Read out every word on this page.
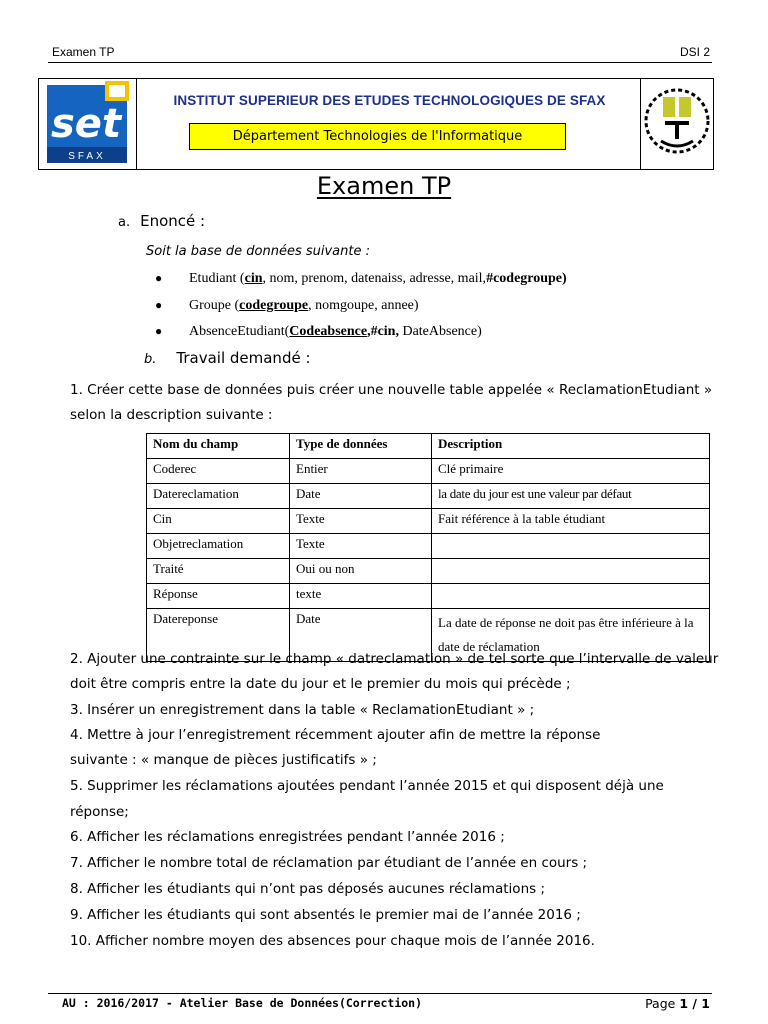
Examen TP	DSI 2
set
SFAX
INSTITUT SUPERIEUR DES ETUDES TECHNOLOGIQUES DE SFAX
Département Technologies de l'Informatique
Examen TP
a. Enoncé :
Soit la base de données suivante :
● Etudiant (cin, nom, prenom, datenaiss, adresse, mail,#codegroupe)
● Groupe (codegroupe, nomgoupe, annee)
● AbsenceEtudiant(Codeabsence,#cin, DateAbsence)
b. Travail demandé :
1. Créer cette base de données puis créer une nouvelle table appelée « ReclamationEtudiant »
selon la description suivante :
Nom du champ	Type de données	Description
Coderec	Entier	Clé primaire
Datereclamation	Date	la date du jour est une valeur par défaut
Cin	Texte	Fait référence à la table étudiant
Objetreclamation	Texte	
Traité	Oui ou non	
Réponse	texte	
Datereponse	Date	La date de réponse ne doit pas être inférieure à la date de réclamation
2. Ajouter une contrainte sur le champ « datreclamation » de tel sorte que l’intervalle de valeur
doit être compris entre la date du jour et le premier du mois qui précède ;
3. Insérer un enregistrement dans la table « ReclamationEtudiant » ;
4. Mettre à jour l’enregistrement récemment ajouter afin de mettre la réponse
suivante : « manque de pièces justificatifs » ;
5. Supprimer les réclamations ajoutées pendant l’année 2015 et qui disposent déjà une
réponse;
6. Afficher les réclamations enregistrées pendant l’année 2016 ;
7. Afficher le nombre total de réclamation par étudiant de l’année en cours ;
8. Afficher les étudiants qui n’ont pas déposés aucunes réclamations ;
9. Afficher les étudiants qui sont absentés le premier mai de l’année 2016 ;
10. Afficher nombre moyen des absences pour chaque mois de l’année 2016.
AU : 2016/2017 - Atelier Base de Données(Correction)	Page 1 / 1
